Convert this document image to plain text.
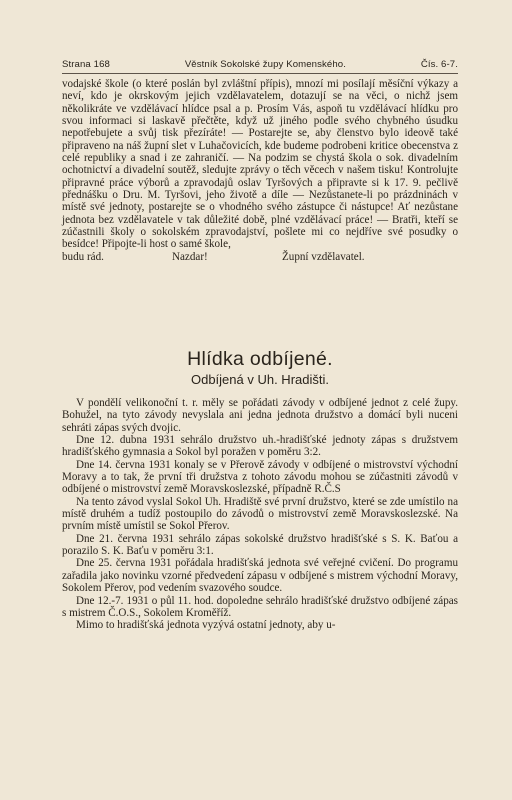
Strana 168	Věstník Sokolské župy Komenského.	Čís. 6-7.

vodajské škole (o které poslán byl zvláštní přípis), mnozí mi posílají měsíční výkazy a neví, kdo je okrskovým jejich vzdělavatelem, dotazují se na věci, o nichž jsem několikráte ve vzdělávací hlídce psal a p. Prosím Vás, aspoň tu vzdělávací hlídku pro svou informaci si laskavě přečtěte, když už jiného podle svého chybného úsudku nepotřebujete a svůj tisk přezíráte! — Postarejte se, aby členstvo bylo ideově také připraveno na náš župní slet v Luhačovicích, kde budeme podrobeni kritice obecenstva z celé republiky a snad i ze zahraničí. — Na podzim se chystá škola o sok. divadelním ochotnictví a divadelní soutěž, sledujte zprávy o těch věcech v našem tisku! Kontrolujte připravné práce výborů a zpravodajů oslav Tyršových a připravte si k 17. 9. pečlivě přednášku o Dru. M. Tyršovi, jeho životě a díle — Nezůstanete-li po prázdninách v místě své jednoty, postarejte se o vhodného svého zástupce či nástupce! Ať nezůstane jednota bez vzdělavatele v tak důležité době, plné vzdělávací práce! — Bratři, kteří se zúčastnili školy o sokolském zpravodajství, pošlete mi co nejdříve své posudky o besídce! Připojte-li host o samé škole,

budu rád.	Nazdar!	Župní vzdělavatel.
Hlídka odbíjené.
Odbíjená v Uh. Hradišti.

V pondělí velikonoční t. r. měly se pořádati závody v odbíjené jednot z celé župy. Bohužel, na tyto závody nevyslala ani jedna jednota družstvo a domácí byli nuceni sehráti zápas svých dvojic.

Dne 12. dubna 1931 sehrálo družstvo uh.-hradišťské jednoty zápas s družstvem hradišťského gymnasia a Sokol byl poražen v poměru 3:2.

Dne 14. června 1931 konaly se v Přerově závody v odbíjené o mistrovství východní Moravy a to tak, že první tři družstva z tohoto závodu mohou se zúčastniti závodů v odbíjené o mistrovství země Moravskoslezské, případně R.Č.S

Na tento závod vyslal Sokol Uh. Hradiště své první družstvo, které se zde umístilo na místě druhém a tudíž postoupilo do závodů o mistrovství země Moravskoslezské. Na prvním místě umístil se Sokol Přerov.

Dne 21. června 1931 sehrálo zápas sokolské družstvo hradišťské s S. K. Baťou a porazilo S. K. Baťu v poměru 3:1.

Dne 25. června 1931 pořádala hradišťská jednota své veřejné cvičení. Do programu zařadila jako novinku vzorné předvedení zápasu v odbíjené s mistrem východní Moravy, Sokolem Přerov, pod vedením svazového soudce.

Dne 12.-7. 1931 o půl 11. hod. dopoledne sehrálo hradišťské družstvo odbíjené zápas s mistrem Č.O.S., Sokolem Kroměříž.

Mimo to hradišťská jednota vyzývá ostatní jednoty, aby u-
